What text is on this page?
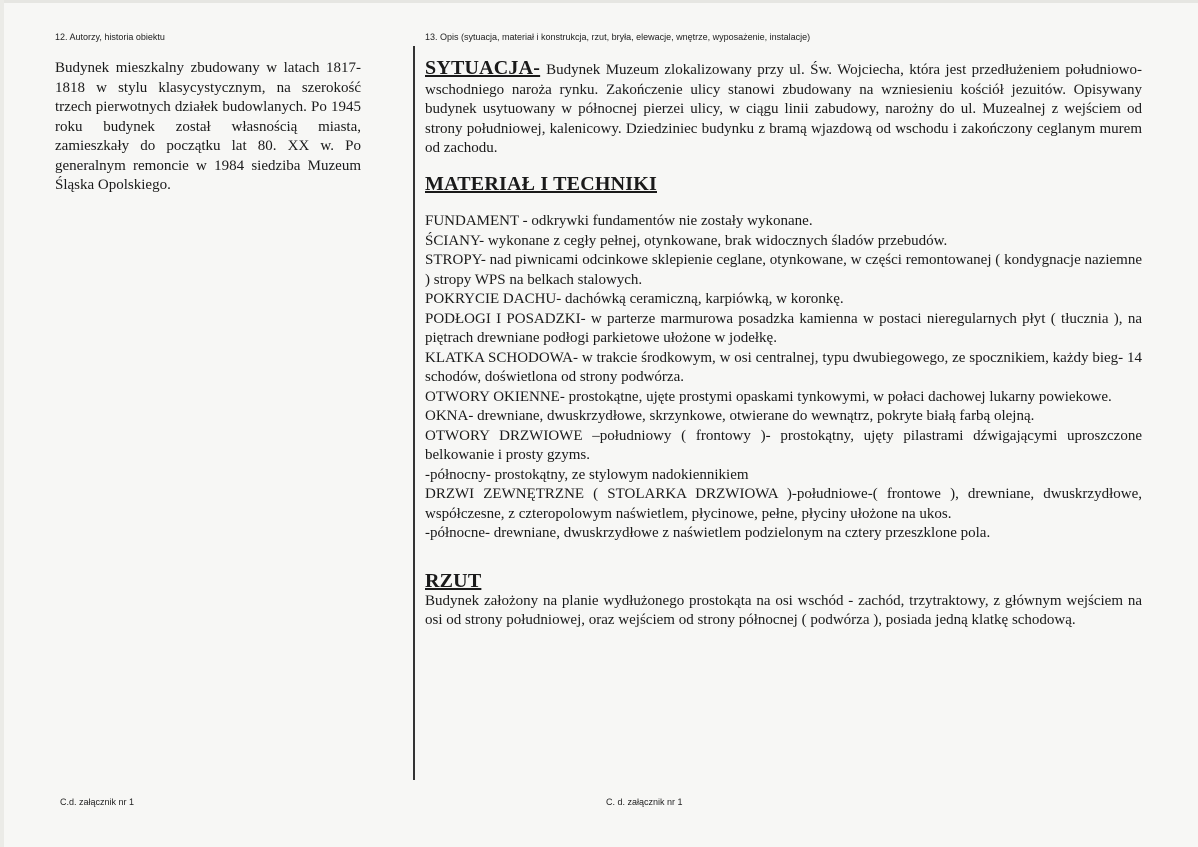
12. Autorzy, historia obiektu	13. Opis (sytuacja, materiał i konstrukcja, rzut, bryła, elewacje, wnętrze, wyposażenie, instalacje)

Budynek mieszkalny zbudowany w latach 1817-1818 w stylu klasycystycznym, na szerokość trzech pierwotnych działek budowlanych. Po 1945 roku budynek został własnością miasta, zamieszkały do początku lat 80. XX w. Po generalnym remoncie w 1984 siedziba Muzeum Śląska Opolskiego.

SYTUACJA- Budynek Muzeum zlokalizowany przy ul. Św. Wojciecha, która jest przedłużeniem południowo- wschodniego naroża rynku. Zakończenie ulicy stanowi zbudowany na wzniesieniu kościół jezuitów. Opisywany budynek usytuowany w północnej pierzei ulicy, w ciągu linii zabudowy, narożny do ul. Muzealnej z wejściem od strony południowej, kalenicowy. Dziedziniec budynku z bramą wjazdową od wschodu i zakończony ceglanym murem od zachodu.

MATERIAŁ I TECHNIKI

FUNDAMENT - odkrywki fundamentów nie zostały wykonane.

ŚCIANY- wykonane z cegły pełnej, otynkowane, brak widocznych śladów przebudów.

STROPY- nad piwnicami odcinkowe sklepienie ceglane, otynkowane, w części remontowanej ( kondygnacje naziemne ) stropy WPS na belkach stalowych.

POKRYCIE DACHU- dachówką ceramiczną, karpiówką, w koronkę.

PODŁOGI I POSADZKI- w parterze marmurowa posadzka kamienna w postaci nieregularnych płyt ( tłucznia ), na piętrach drewniane podłogi parkietowe ułożone w jodełkę.

KLATKA SCHODOWA- w trakcie środkowym, w osi centralnej, typu dwubiegowego, ze spocznikiem, każdy bieg- 14 schodów, doświetlona od strony podwórza.

OTWORY OKIENNE- prostokątne, ujęte prostymi opaskami tynkowymi, w połaci dachowej lukarny powiekowe.

OKNA- drewniane, dwuskrzydłowe, skrzynkowe, otwierane do wewnątrz, pokryte białą farbą olejną.

OTWORY DRZWIOWE –południowy ( frontowy )- prostokątny, ujęty pilastrami dźwigającymi uproszczone belkowanie i prosty gzyms.

-północny- prostokątny, ze stylowym nadokiennikiem

DRZWI ZEWNĘTRZNE ( STOLARKA DRZWIOWA )-południowe-( frontowe ), drewniane, dwuskrzydłowe, współczesne, z czteropolowym naświetlem, płycinowe, pełne, płyciny ułożone na ukos.

-północne- drewniane, dwuskrzydłowe z naświetlem podzielonym na cztery przeszklone pola.

RZUT

Budynek założony na planie wydłużonego prostokąta na osi wschód - zachód, trzytraktowy, z głównym wejściem na osi od strony południowej, oraz wejściem od strony północnej ( podwórza ), posiada jedną klatkę schodową.

C.d. załącznik nr 1	C. d. załącznik nr 1
